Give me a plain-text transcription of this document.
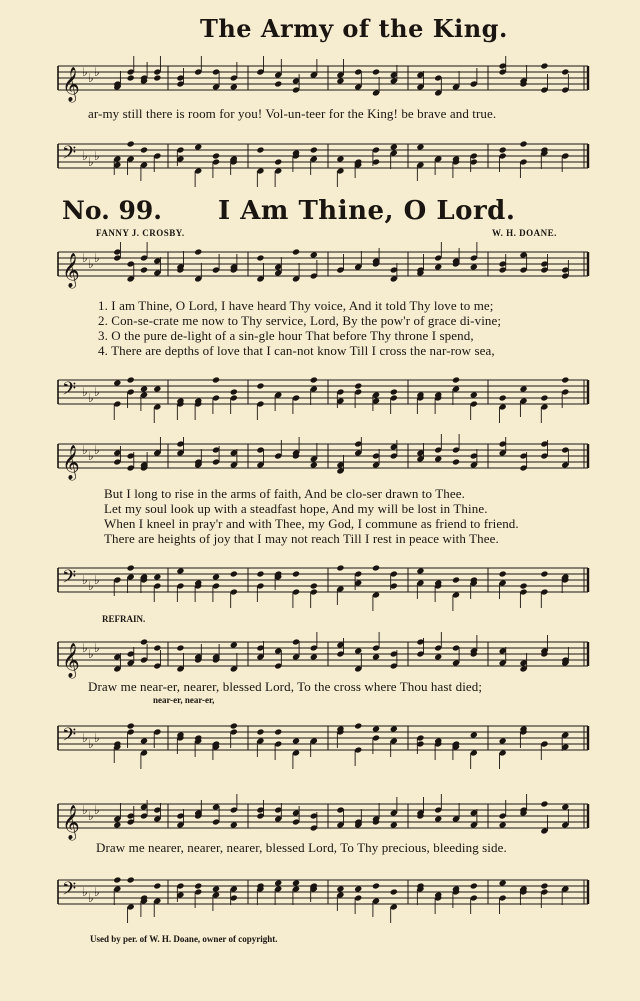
The Army of the King.
𝄞 ♭ ♭ ♭
ar-my still there is room for you! Vol-un-teer for the King! be brave and true.
𝄢 ♭ ♭ ♭
No. 99. I Am Thine, O Lord.
FANNY J. CROSBY.	W. H. DOANE.
𝄞 ♭ ♭ ♭
1. I am Thine, O Lord, I have heard Thy voice, And it told Thy love to me;
2. Con-se-crate me now to Thy service, Lord, By the pow'r of grace di-vine;
3. O the pure de-light of a sin-gle hour That before Thy throne I spend,
4. There are depths of love that I can-not know Till I cross the nar-row sea,
𝄢 ♭ ♭ ♭
𝄞 ♭ ♭ ♭
But I long to rise in the arms of faith, And be clo-ser drawn to Thee.
Let my soul look up with a steadfast hope, And my will be lost in Thine.
When I kneel in pray'r and with Thee, my God, I commune as friend to friend.
There are heights of joy that I may not reach Till I rest in peace with Thee.
𝄢 ♭ ♭ ♭
REFRAIN.
𝄞 ♭ ♭ ♭
Draw me near-er, nearer, blessed Lord, To the cross where Thou hast died;
near-er, near-er,
𝄢 ♭ ♭ ♭
𝄞 ♭ ♭ ♭
Draw me nearer, nearer, nearer, blessed Lord, To Thy precious, bleeding side.
𝄢 ♭ ♭ ♭
Used by per. of W. H. Doane, owner of copyright.
